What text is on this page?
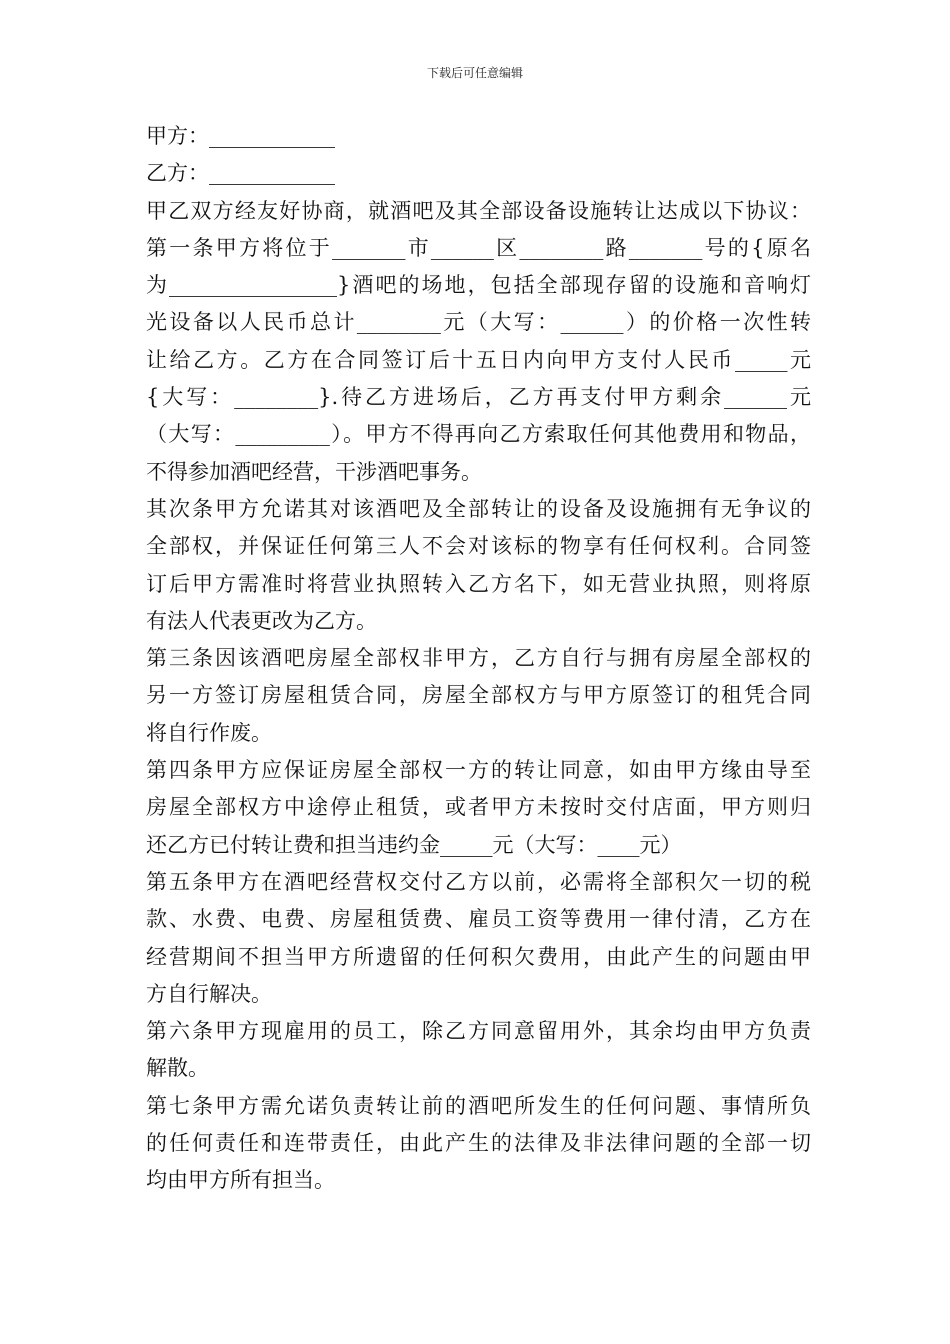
下载后可任意编辑
甲方：____________
乙方：____________
甲乙双方经友好协商，就酒吧及其全部设备设施转让达成以下协议：
第一条甲方将位于_______市______区________路_______号的{原名
为________________}酒吧的场地，包括全部现存留的设施和音响灯
光设备以人民币总计________元（大写：______）的价格一次性转
让给乙方。乙方在合同签订后十五日内向甲方支付人民币_____元
{大写：________}.待乙方进场后，乙方再支付甲方剩余______元
（大写：_________）。甲方不得再向乙方索取任何其他费用和物品，
不得参加酒吧经营，干涉酒吧事务。
其次条甲方允诺其对该酒吧及全部转让的设备及设施拥有无争议的
全部权，并保证任何第三人不会对该标的物享有任何权利。合同签
订后甲方需准时将营业执照转入乙方名下，如无营业执照，则将原
有法人代表更改为乙方。
第三条因该酒吧房屋全部权非甲方，乙方自行与拥有房屋全部权的
另一方签订房屋租赁合同，房屋全部权方与甲方原签订的租凭合同
将自行作废。
第四条甲方应保证房屋全部权一方的转让同意，如由甲方缘由导至
房屋全部权方中途停止租赁，或者甲方未按时交付店面，甲方则归
还乙方已付转让费和担当违约金_____元（大写：____元）
第五条甲方在酒吧经营权交付乙方以前，必需将全部积欠一切的税
款、水费、电费、房屋租赁费、雇员工资等费用一律付清，乙方在
经营期间不担当甲方所遗留的任何积欠费用，由此产生的问题由甲
方自行解决。
第六条甲方现雇用的员工，除乙方同意留用外，其余均由甲方负责
解散。
第七条甲方需允诺负责转让前的酒吧所发生的任何问题、事情所负
的任何责任和连带责任，由此产生的法律及非法律问题的全部一切
均由甲方所有担当。
